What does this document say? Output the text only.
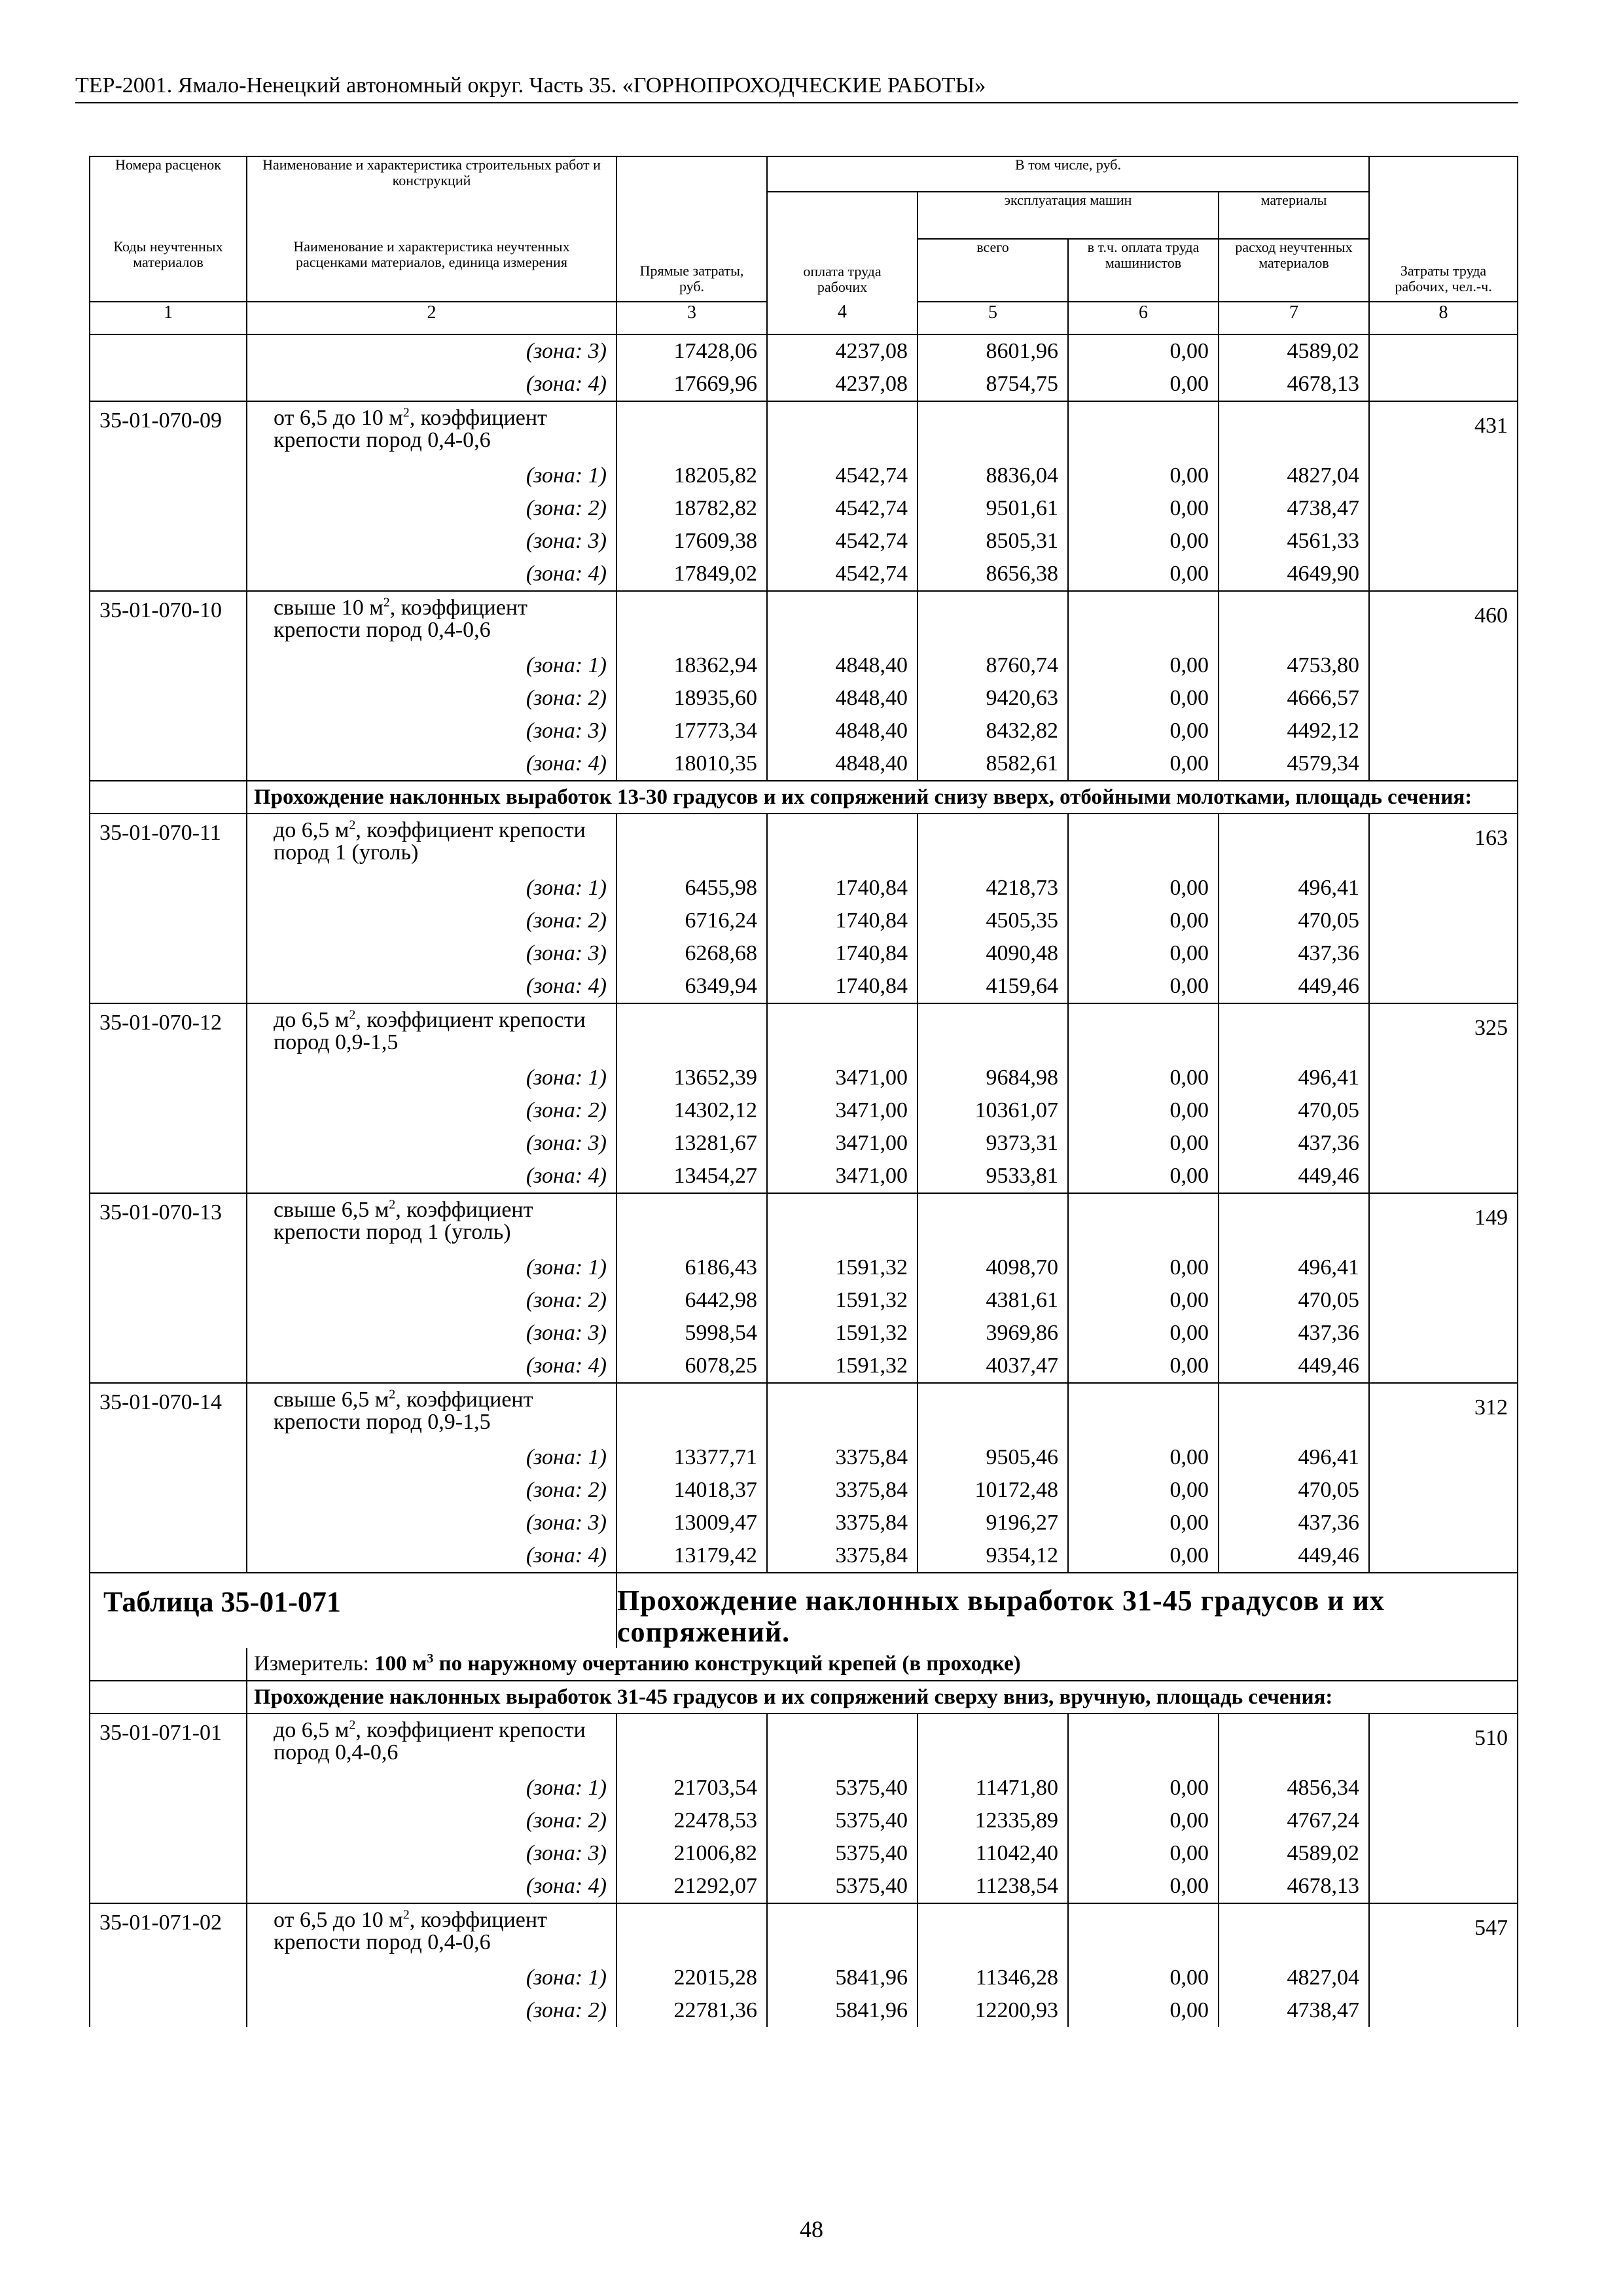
ТЕР-2001. Ямало-Ненецкий автономный округ. Часть 35. «ГОРНОПРОХОДЧЕСКИЕ РАБОТЫ»
Номера расценок	Наименование и характеристика строительных работ и конструкций	Прямые затраты, руб.	В том числе, руб.				Затраты труда рабочих, чел.-ч.
			оплата труда рабочих	эксплуатация машин		материалы	
Коды неучтенных материалов	Наименование и характеристика неучтенных расценками материалов, единица измерения			всего	в т.ч. оплата труда машинистов	расход неучтенных материалов	
1	2	3	4	5	6	7	8
	(зона: 3)	17428,06	4237,08	8601,96	0,00	4589,02	
	(зона: 4)	17669,96	4237,08	8754,75	0,00	4678,13	
35-01-070-09	от 6,5 до 10 $м^2$, коэффициент крепости пород 0,4-0,6						431
	(зона: 1)	18205,82	4542,74	8836,04	0,00	4827,04	
	(зона: 2)	18782,82	4542,74	9501,61	0,00	4738,47	
	(зона: 3)	17609,38	4542,74	8505,31	0,00	4561,33	
	(зона: 4)	17849,02	4542,74	8656,38	0,00	4649,90	
35-01-070-10	свыше 10 $м^2$, коэффициент крепости пород 0,4-0,6						460
	(зона: 1)	18362,94	4848,40	8760,74	0,00	4753,80	
	(зона: 2)	18935,60	4848,40	9420,63	0,00	4666,57	
	(зона: 3)	17773,34	4848,40	8432,82	0,00	4492,12	
	(зона: 4)	18010,35	4848,40	8582,61	0,00	4579,34	
	Прохождение наклонных выработок 13-30 градусов и их сопряжений снизу вверх, отбойными молотками, площадь сечения:						
35-01-070-11	до 6,5 $м^2$, коэффициент крепости пород 1 (уголь)						163
	(зона: 1)	6455,98	1740,84	4218,73	0,00	496,41	
	(зона: 2)	6716,24	1740,84	4505,35	0,00	470,05	
	(зона: 3)	6268,68	1740,84	4090,48	0,00	437,36	
	(зона: 4)	6349,94	1740,84	4159,64	0,00	449,46	
35-01-070-12	до 6,5 $м^2$, коэффициент крепости пород 0,9-1,5						325
	(зона: 1)	13652,39	3471,00	9684,98	0,00	496,41	
	(зона: 2)	14302,12	3471,00	10361,07	0,00	470,05	
	(зона: 3)	13281,67	3471,00	9373,31	0,00	437,36	
	(зона: 4)	13454,27	3471,00	9533,81	0,00	449,46	
35-01-070-13	свыше 6,5 $м^2$, коэффициент крепости пород 1 (уголь)						149
	(зона: 1)	6186,43	1591,32	4098,70	0,00	496,41	
	(зона: 2)	6442,98	1591,32	4381,61	0,00	470,05	
	(зона: 3)	5998,54	1591,32	3969,86	0,00	437,36	
	(зона: 4)	6078,25	1591,32	4037,47	0,00	449,46	
35-01-070-14	свыше 6,5 $м^2$, коэффициент крепости пород 0,9-1,5						312
	(зона: 1)	13377,71	3375,84	9505,46	0,00	496,41	
	(зона: 2)	14018,37	3375,84	10172,48	0,00	470,05	
	(зона: 3)	13009,47	3375,84	9196,27	0,00	437,36	
	(зона: 4)	13179,42	3375,84	9354,12	0,00	449,46	
Таблица 35-01-071		Прохождение наклонных выработок 31-45 градусов и их сопряжений.					
	Измеритель: 100 $м^3$ по наружному очертанию конструкций крепей (в проходке)						
	Прохождение наклонных выработок 31-45 градусов и их сопряжений сверху вниз, вручную, площадь сечения:						
35-01-071-01	до 6,5 $м^2$, коэффициент крепости пород 0,4-0,6						510
	(зона: 1)	21703,54	5375,40	11471,80	0,00	4856,34	
	(зона: 2)	22478,53	5375,40	12335,89	0,00	4767,24	
	(зона: 3)	21006,82	5375,40	11042,40	0,00	4589,02	
	(зона: 4)	21292,07	5375,40	11238,54	0,00	4678,13	
35-01-071-02	от 6,5 до 10 $м^2$, коэффициент крепости пород 0,4-0,6						547
	(зона: 1)	22015,28	5841,96	11346,28	0,00	4827,04	
	(зона: 2)	22781,36	5841,96	12200,93	0,00	4738,47	
48
